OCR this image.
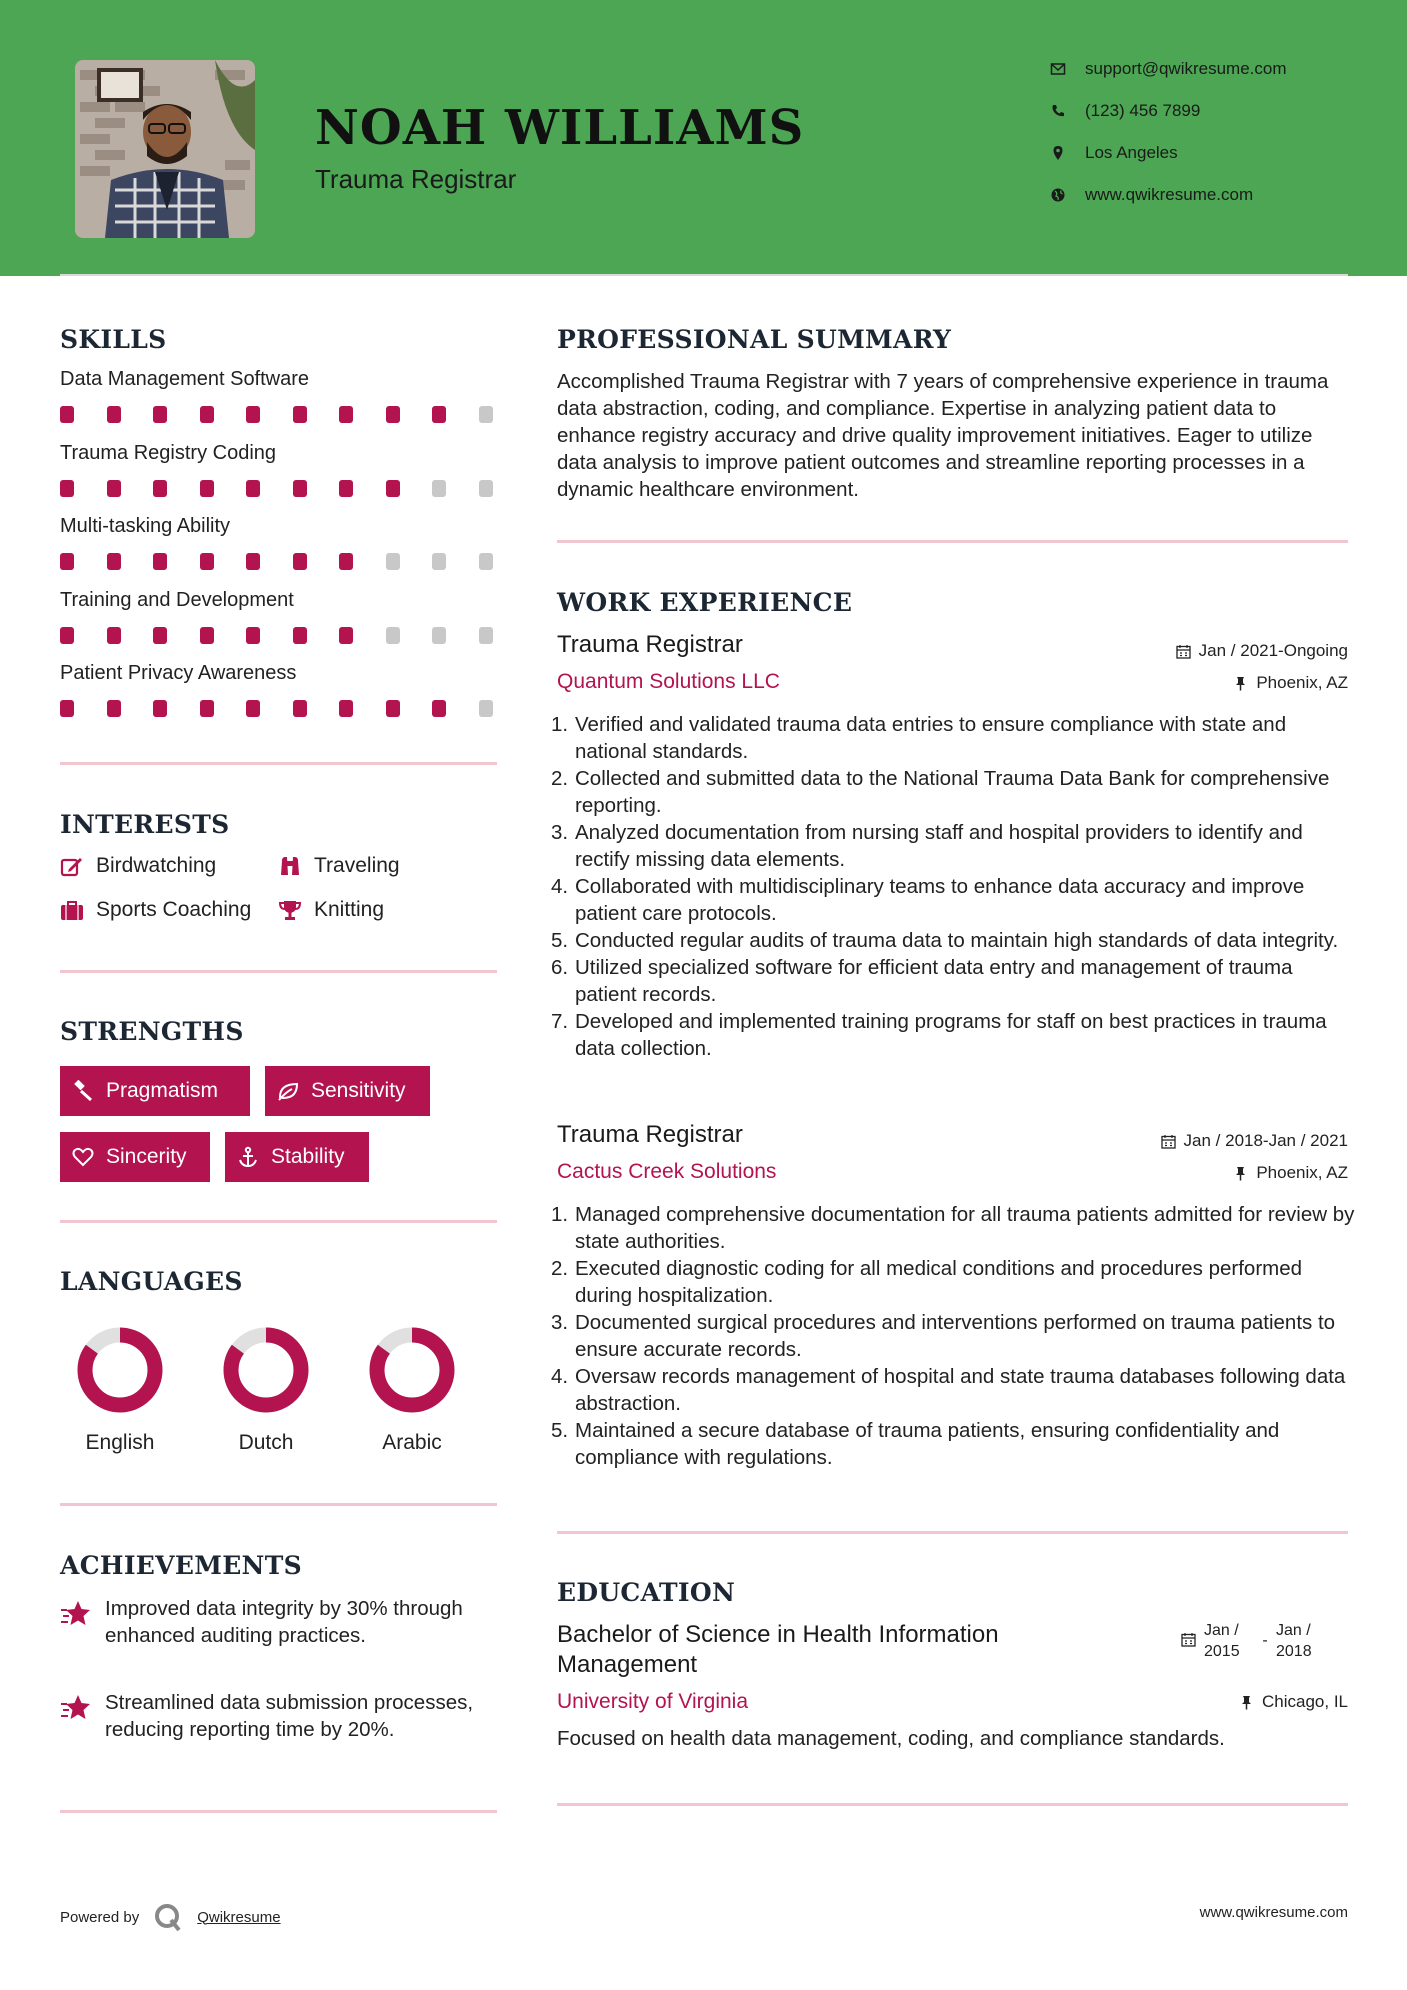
NOAH WILLIAMS
Trauma Registrar
support@qwikresume.com
(123) 456 7899
Los Angeles
www.qwikresume.com
SKILLS
Data Management Software
Trauma Registry Coding
Multi-tasking Ability
Training and Development
Patient Privacy Awareness
INTERESTS
Birdwatching	Traveling
Sports Coaching	Knitting
STRENGTHS
Pragmatism	Sensitivity
Sincerity	Stability
LANGUAGES
English	Dutch	Arabic
ACHIEVEMENTS
Improved data integrity by 30% through enhanced auditing practices.
Streamlined data submission processes, reducing reporting time by 20%.
PROFESSIONAL SUMMARY
Accomplished Trauma Registrar with 7 years of comprehensive experience in trauma data abstraction, coding, and compliance. Expertise in analyzing patient data to enhance registry accuracy and drive quality improvement initiatives. Eager to utilize data analysis to improve patient outcomes and streamline reporting processes in a dynamic healthcare environment.
WORK EXPERIENCE
Trauma Registrar	Jan / 2021-Ongoing
Quantum Solutions LLC	Phoenix, AZ
1. Verified and validated trauma data entries to ensure compliance with state and national standards.
2. Collected and submitted data to the National Trauma Data Bank for comprehensive reporting.
3. Analyzed documentation from nursing staff and hospital providers to identify and rectify missing data elements.
4. Collaborated with multidisciplinary teams to enhance data accuracy and improve patient care protocols.
5. Conducted regular audits of trauma data to maintain high standards of data integrity.
6. Utilized specialized software for efficient data entry and management of trauma patient records.
7. Developed and implemented training programs for staff on best practices in trauma data collection.
Trauma Registrar	Jan / 2018-Jan / 2021
Cactus Creek Solutions	Phoenix, AZ
1. Managed comprehensive documentation for all trauma patients admitted for review by state authorities.
2. Executed diagnostic coding for all medical conditions and procedures performed during hospitalization.
3. Documented surgical procedures and interventions performed on trauma patients to ensure accurate records.
4. Oversaw records management of hospital and state trauma databases following data abstraction.
5. Maintained a secure database of trauma patients, ensuring confidentiality and compliance with regulations.
EDUCATION
Bachelor of Science in Health Information Management
Jan / 2015
-
Jan / 2018
University of Virginia	Chicago, IL
Focused on health data management, coding, and compliance standards.
Powered by	Qwikresume	www.qwikresume.com
